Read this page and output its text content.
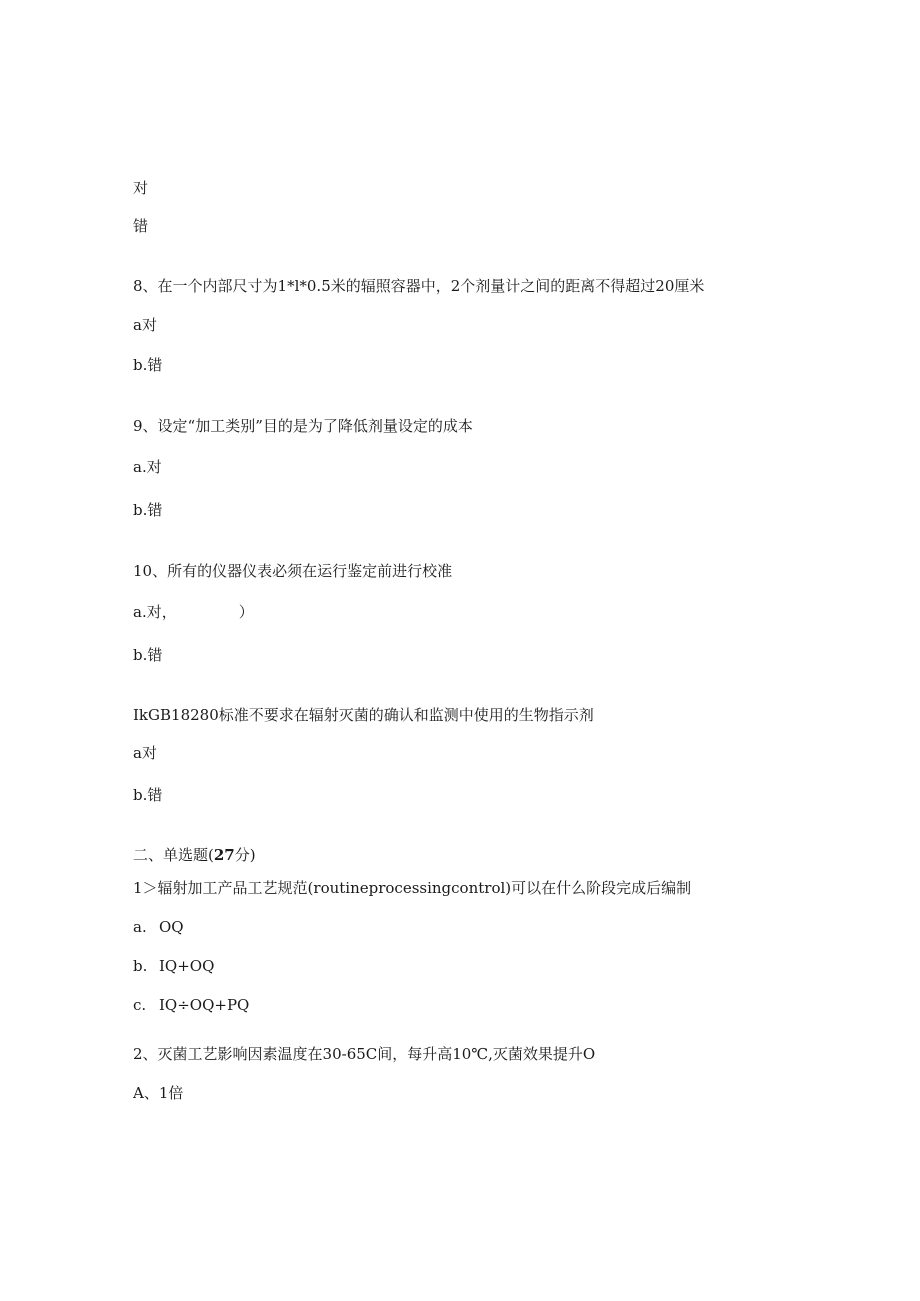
对
错
8、在一个内部尺寸为1*l*0.5米的辐照容器中，2个剂量计之间的距离不得超过20厘米
a对
b.错
9、设定“加工类别”目的是为了降低剂量设定的成本
a.对
b.错
10、所有的仪器仪表必须在运行鉴定前进行校准
a.对，	）
b.错
IkGB18280标准不要求在辐射灭菌的确认和监测中使用的生物指示剂
a对
b.错
二、单选题(27分)
1＞辐射加工产品工艺规范(routineprocessingcontrol)可以在什么阶段完成后编制
a. OQ
b. IQ+OQ
c. IQ÷OQ+PQ
2、灭菌工艺影响因素温度在30-65C间，每升高10℃,灭菌效果提升O
A、1倍
